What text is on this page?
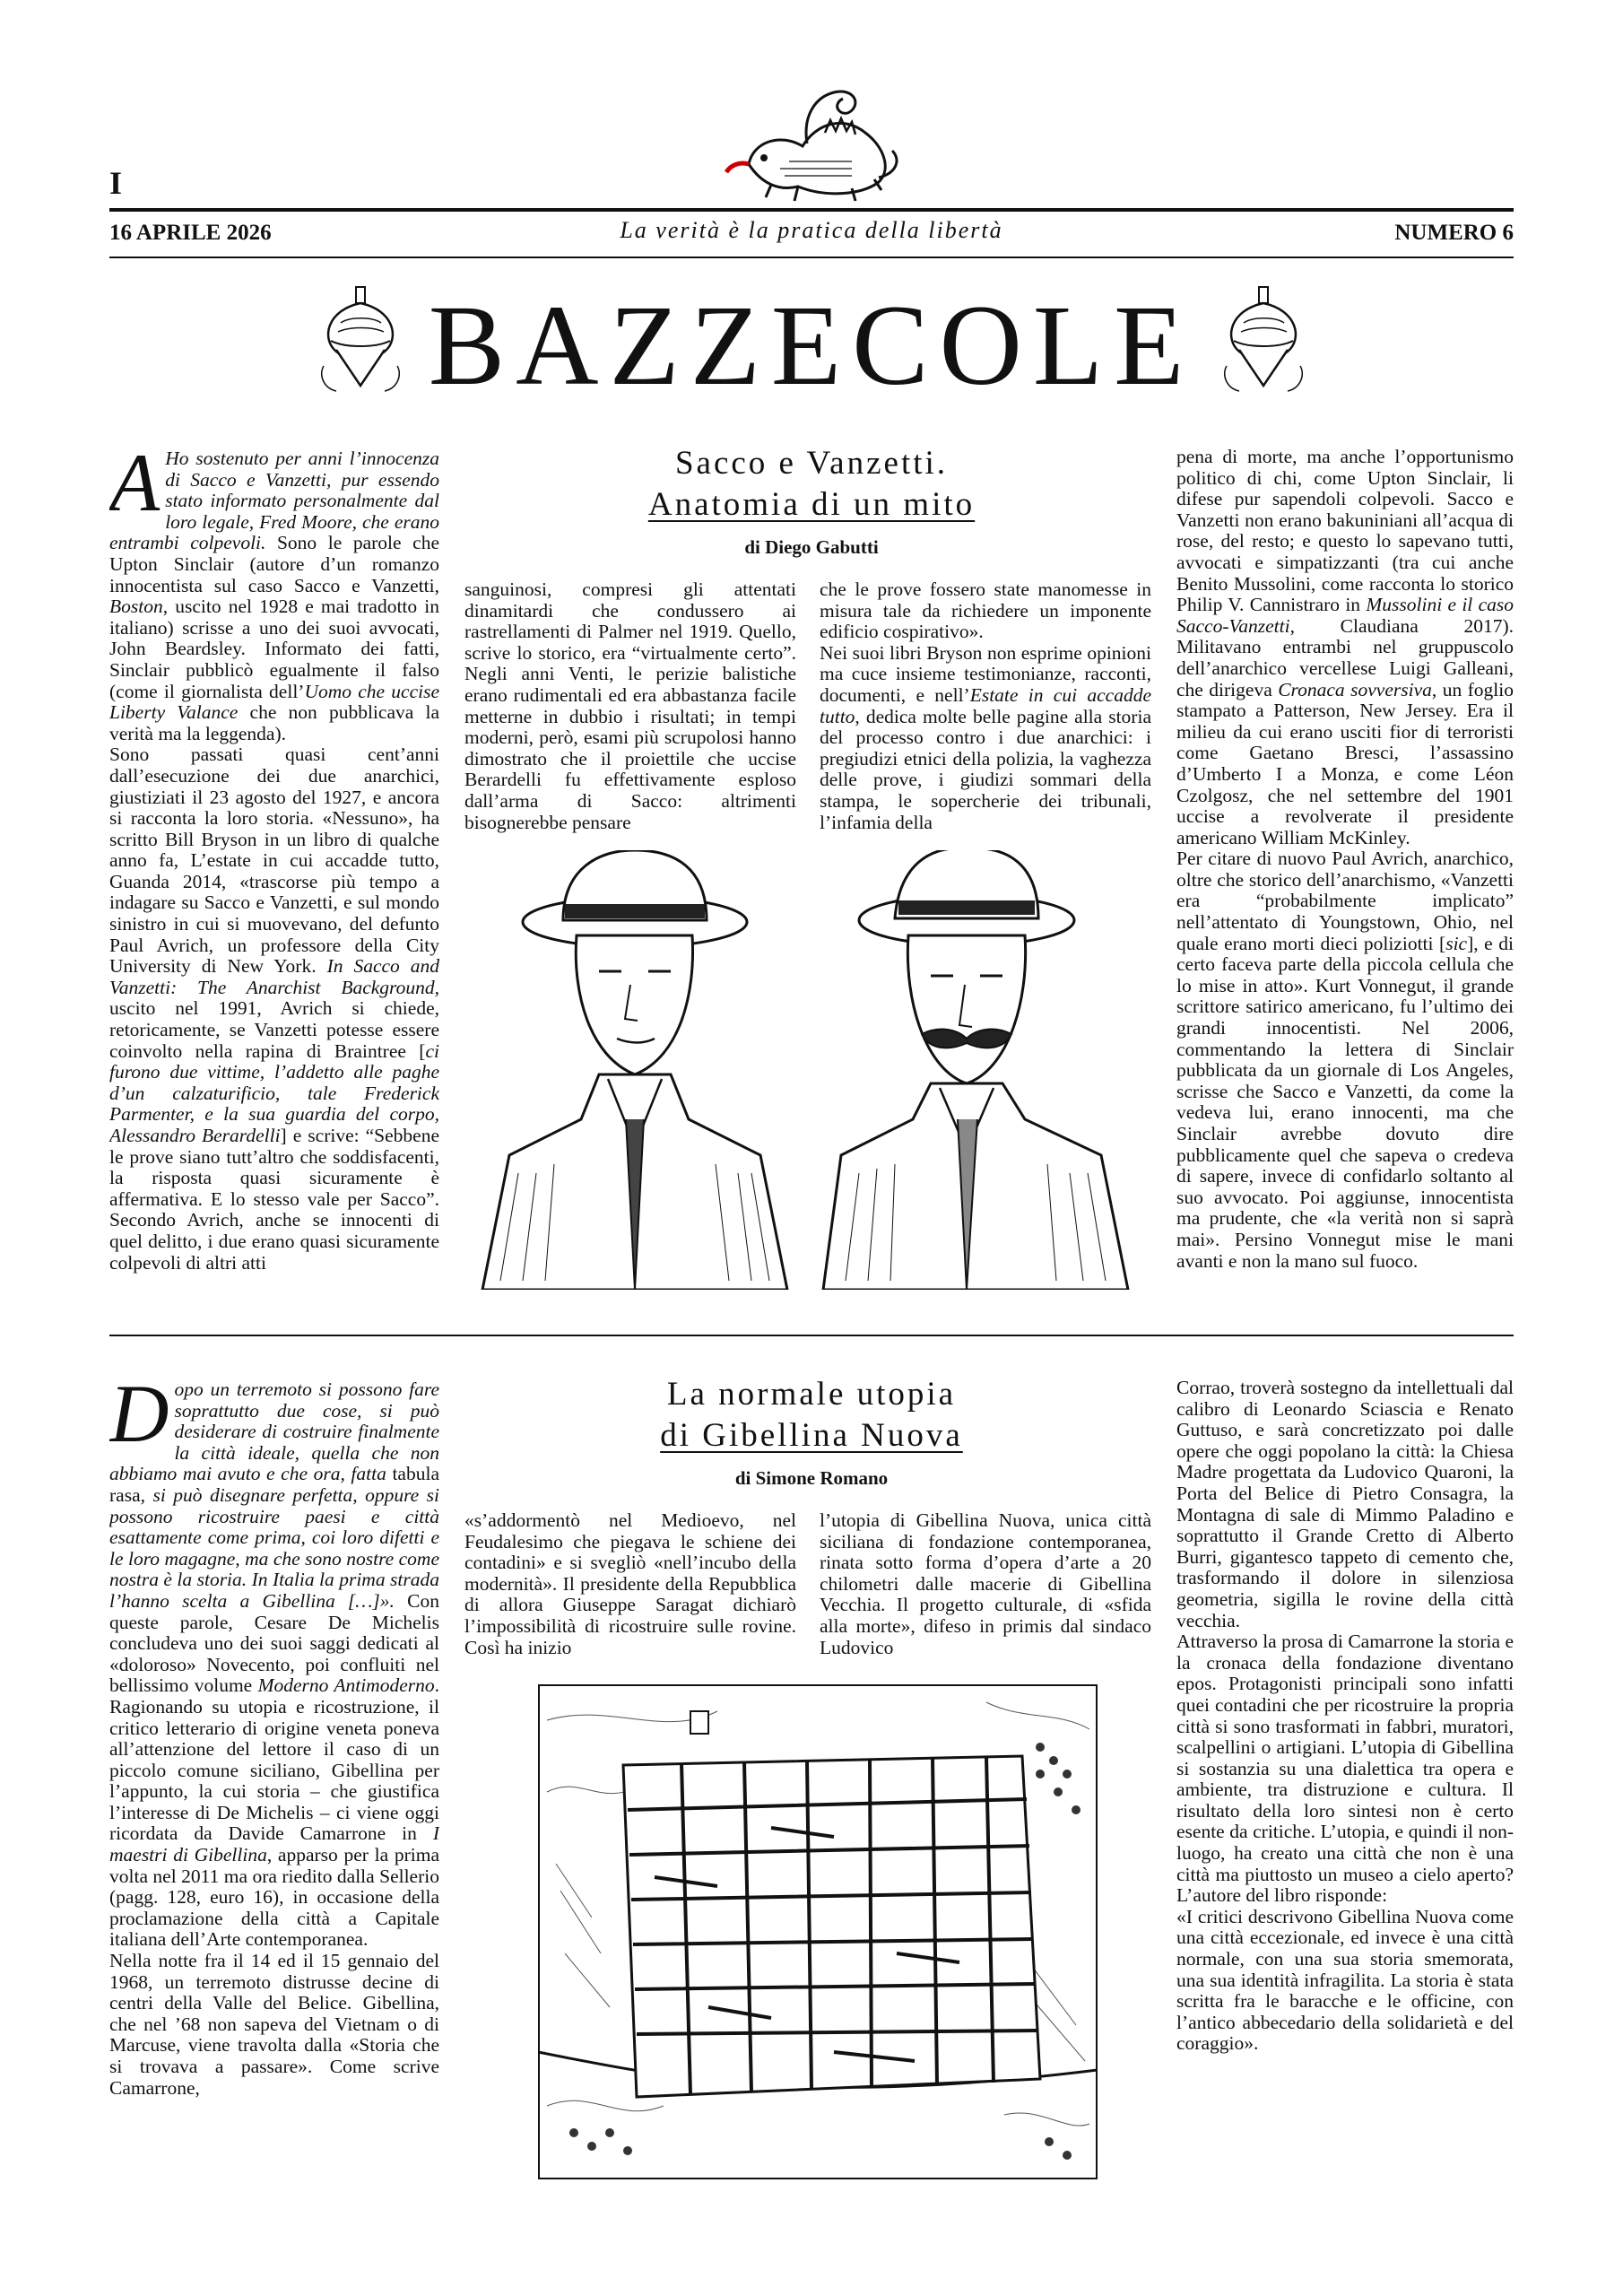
I
16 APRILE 2026	La verità è la pratica della libertà	NUMERO 6
BAZZECOLE
Sacco e Vanzetti.
Anatomia di un mito
di Diego Gabutti

A Ho sostenuto per anni l’innocenza di Sacco e Vanzetti, pur essendo stato informato personalmente dal loro legale, Fred Moore, che erano entrambi colpevoli. Sono le parole che Upton Sinclair (autore d’un romanzo innocentista sul caso Sacco e Vanzetti, Boston, uscito nel 1928 e mai tradotto in italiano) scrisse a uno dei suoi avvocati, John Beardsley. Informato dei fatti, Sinclair pubblicò egualmente il falso (come il giornalista dell’Uomo che uccise Liberty Valance che non pubblicava la verità ma la leggenda).

Sono passati quasi cent’anni dall’esecuzione dei due anarchici, giustiziati il 23 agosto del 1927, e ancora si racconta la loro storia. «Nessuno», ha scritto Bill Bryson in un libro di qualche anno fa, L’estate in cui accadde tutto, Guanda 2014, «trascorse più tempo a indagare su Sacco e Vanzetti, e sul mondo sinistro in cui si muovevano, del defunto Paul Avrich, un professore della City University di New York. In Sacco and Vanzetti: The Anarchist Background, uscito nel 1991, Avrich si chiede, retoricamente, se Vanzetti potesse essere coinvolto nella rapina di Braintree [ci furono due vittime, l’addetto alle paghe d’un calzaturificio, tale Frederick Parmenter, e la sua guardia del corpo, Alessandro Berardelli] e scrive: “Sebbene le prove siano tutt’altro che soddisfacenti, la risposta quasi sicuramente è affermativa. E lo stesso vale per Sacco”. Secondo Avrich, anche se innocenti di quel delitto, i due erano quasi sicuramente colpevoli di altri atti

sanguinosi, compresi gli attentati dinamitardi che condussero ai rastrellamenti di Palmer nel 1919. Quello, scrive lo storico, era “virtualmente certo”. Negli anni Venti, le perizie balistiche erano rudimentali ed era abbastanza facile metterne in dubbio i risultati; in tempi moderni, però, esami più scrupolosi hanno dimostrato che il proiettile che uccise Berardelli fu effettivamente esploso dall’arma di Sacco: altrimenti bisognerebbe pensare

che le prove fossero state manomesse in misura tale da richiedere un imponente edificio cospirativo».

Nei suoi libri Bryson non esprime opinioni ma cuce insieme testimonianze, racconti, documenti, e nell’Estate in cui accadde tutto, dedica molte belle pagine alla storia del processo contro i due anarchici: i pregiudizi etnici della polizia, la vaghezza delle prove, i giudizi sommari della stampa, le sopercherie dei tribunali, l’infamia della

pena di morte, ma anche l’opportunismo politico di chi, come Upton Sinclair, li difese pur sapendoli colpevoli. Sacco e Vanzetti non erano bakuniniani all’acqua di rose, del resto; e questo lo sapevano tutti, avvocati e simpatizzanti (tra cui anche Benito Mussolini, come racconta lo storico Philip V. Cannistraro in Mussolini e il caso Sacco-Vanzetti, Claudiana 2017). Militavano entrambi nel gruppuscolo dell’anarchico vercellese Luigi Galleani, che dirigeva Cronaca sovversiva, un foglio stampato a Patterson, New Jersey. Era il milieu da cui erano usciti fior di terroristi come Gaetano Bresci, l’assassino d’Umberto I a Monza, e come Léon Czolgosz, che nel settembre del 1901 uccise a revolverate il presidente americano William McKinley.

Per citare di nuovo Paul Avrich, anarchico, oltre che storico dell’anarchismo, «Vanzetti era “probabilmente implicato” nell’attentato di Youngstown, Ohio, nel quale erano morti dieci poliziotti [sic], e di certo faceva parte della piccola cellula che lo mise in atto». Kurt Vonnegut, il grande scrittore satirico americano, fu l’ultimo dei grandi innocentisti. Nel 2006, commentando la lettera di Sinclair pubblicata da un giornale di Los Angeles, scrisse che Sacco e Vanzetti, da come la vedeva lui, erano innocenti, ma che Sinclair avrebbe dovuto dire pubblicamente quel che sapeva o credeva di sapere, invece di confidarlo soltanto al suo avvocato. Poi aggiunse, innocentista ma prudente, che «la verità non si saprà mai». Persino Vonnegut mise le mani avanti e non la mano sul fuoco.

La normale utopia
di Gibellina Nuova
di Simone Romano

Dopo un terremoto si possono fare soprattutto due cose, si può desiderare di costruire finalmente la città ideale, quella che non abbiamo mai avuto e che ora, fatta tabula rasa, si può disegnare perfetta, oppure si possono ricostruire paesi e città esattamente come prima, coi loro difetti e le loro magagne, ma che sono nostre come nostra è la storia. In Italia la prima strada l’hanno scelta a Gibellina […]». Con queste parole, Cesare De Michelis concludeva uno dei suoi saggi dedicati al «doloroso» Novecento, poi confluiti nel bellissimo volume Moderno Antimoderno. Ragionando su utopia e ricostruzione, il critico letterario di origine veneta poneva all’attenzione del lettore il caso di un piccolo comune siciliano, Gibellina per l’appunto, la cui storia – che giustifica l’interesse di De Michelis – ci viene oggi ricordata da Davide Camarrone in I maestri di Gibellina, apparso per la prima volta nel 2011 ma ora riedito dalla Sellerio (pagg. 128, euro 16), in occasione della proclamazione della città a Capitale italiana dell’Arte contemporanea.

Nella notte fra il 14 ed il 15 gennaio del 1968, un terremoto distrusse decine di centri della Valle del Belice. Gibellina, che nel ’68 non sapeva del Vietnam o di Marcuse, viene travolta dalla «Storia che si trovava a passare». Come scrive Camarrone,

«s’addormentò nel Medioevo, nel Feudalesimo che piegava le schiene dei contadini» e si svegliò «nell’incubo della modernità». Il presidente della Repubblica di allora Giuseppe Saragat dichiarò l’impossibilità di ricostruire sulle rovine. Così ha inizio
l’utopia di Gibellina Nuova, unica città siciliana di fondazione contemporanea, rinata sotto forma d’opera d’arte a 20 chilometri dalle macerie di Gibellina Vecchia. Il progetto culturale, di «sfida alla morte», difeso in primis dal sindaco Ludovico

Corrao, troverà sostegno da intellettuali dal calibro di Leonardo Sciascia e Renato Guttuso, e sarà concretizzato poi dalle opere che oggi popolano la città: la Chiesa Madre progettata da Ludovico Quaroni, la Porta del Belice di Pietro Consagra, la Montagna di sale di Mimmo Paladino e soprattutto il Grande Cretto di Alberto Burri, gigantesco tappeto di cemento che, trasformando il dolore in silenziosa geometria, sigilla le rovine della città vecchia.

Attraverso la prosa di Camarrone la storia e la cronaca della fondazione diventano epos. Protagonisti principali sono infatti quei contadini che per ricostruire la propria città si sono trasformati in fabbri, muratori, scalpellini o artigiani. L’utopia di Gibellina si sostanzia su una dialettica tra opera e ambiente, tra distruzione e cultura. Il risultato della loro sintesi non è certo esente da critiche. L’utopia, e quindi il non-luogo, ha creato una città che non è una città ma piuttosto un museo a cielo aperto? L’autore del libro risponde:

«I critici descrivono Gibellina Nuova come una città eccezionale, ed invece è una città normale, con una sua storia smemorata, una sua identità infragilita. La storia è stata scritta fra le baracche e le officine, con l’antico abbecedario della solidarietà e del coraggio».
